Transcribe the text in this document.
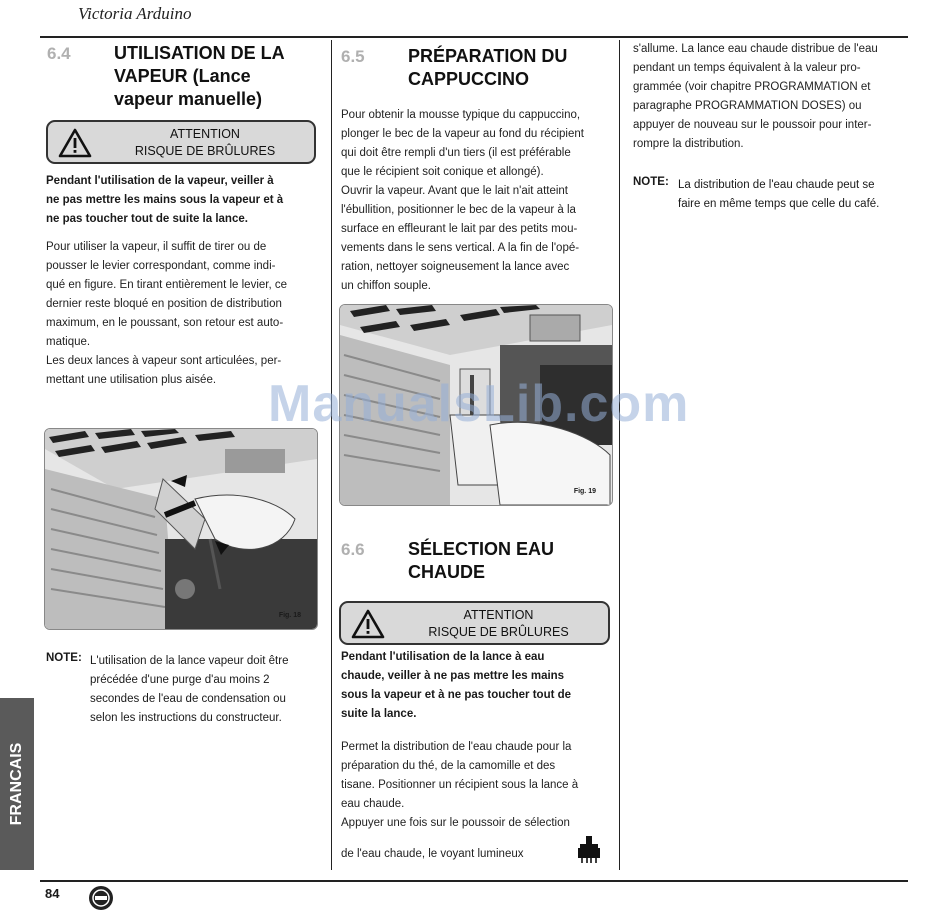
Victoria Arduino
6.4 UTILISATION DE LA
VAPEUR (Lance
vapeur manuelle)
ATTENTION
RISQUE DE BRÛLURES

Pendant l'utilisation de la vapeur, veiller à

ne pas mettre les mains sous la vapeur et à

ne pas toucher tout de suite la lance.

Pour utiliser la vapeur, il suffit de tirer ou de

pousser le levier correspondant, comme indi-

qué en figure. En tirant entièrement le levier, ce

dernier reste bloqué en position de distribution

maximum, en le poussant, son retour est auto-

matique.

Les deux lances à vapeur sont articulées, per-

mettant une utilisation plus aisée.

Fig. 18
NOTE: L'utilisation de la lance vapeur doit être
précédée d'une purge d'au moins 2
secondes de l'eau de condensation ou
selon les instructions du constructeur.
6.5 PRÉPARATION DU
CAPPUCCINO

Pour obtenir la mousse typique du cappuccino,

plonger le bec de la vapeur au fond du récipient

qui doit être rempli d'un tiers (il est préférable

que le récipient soit conique et allongé).

Ouvrir la vapeur. Avant que le lait n'ait atteint

l'ébullition, positionner le bec de la vapeur à la

surface en effleurant le lait par des petits mou-

vements dans le sens vertical. A la fin de l'opé-

ration, nettoyer soigneusement la lance avec

un chiffon souple.

Fig. 19
6.6 SÉLECTION EAU
CHAUDE
ATTENTION
RISQUE DE BRÛLURES

Pendant l'utilisation de la lance à eau

chaude, veiller à ne pas mettre les mains

sous la vapeur et à ne pas toucher tout de

suite la lance.

Permet la distribution de l'eau chaude pour la

préparation du thé, de la camomille et des

tisane. Positionner un récipient sous la lance à

eau chaude.

Appuyer une fois sur le poussoir de sélection

de l'eau chaude, le voyant lumineux

s'allume. La lance eau chaude distribue de l'eau

pendant un temps équivalent à la valeur pro-

grammée (voir chapitre PROGRAMMATION et

paragraphe PROGRAMMATION DOSES) ou

appuyer de nouveau sur le poussoir pour inter-

rompre la distribution.

NOTE: La distribution de l'eau chaude peut se
faire en même temps que celle du café.
ManualsLib.com
FRANCAIS
84
